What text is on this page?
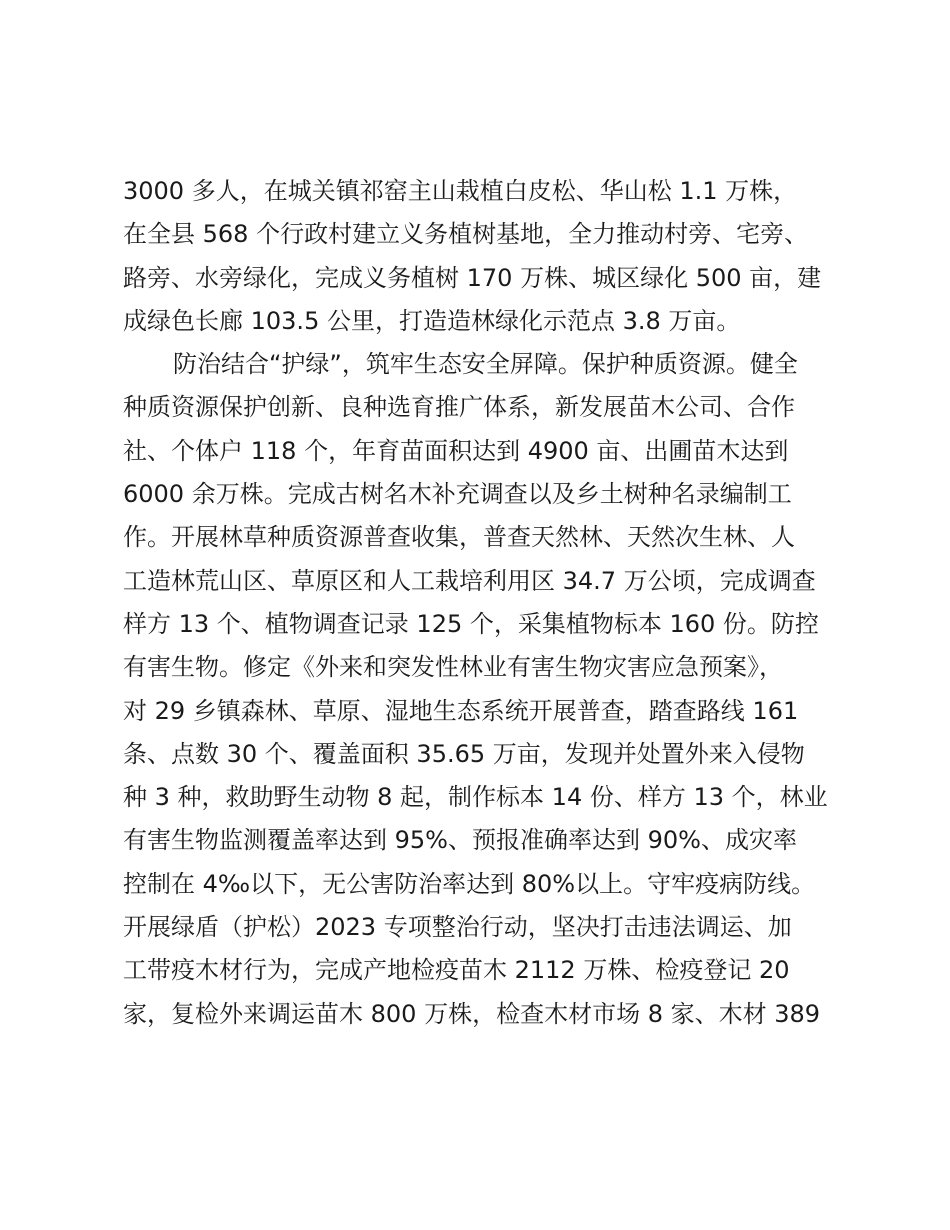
3000 多人，在城关镇祁窑主山栽植白皮松、华山松 1.1 万株，
在全县 568 个行政村建立义务植树基地，全力推动村旁、宅旁、
路旁、水旁绿化，完成义务植树 170 万株、城区绿化 500 亩，建
成绿色长廊 103.5 公里，打造造林绿化示范点 3.8 万亩。
防治结合“护绿”，筑牢生态安全屏障。保护种质资源。健全
种质资源保护创新、良种选育推广体系，新发展苗木公司、合作
社、个体户 118 个，年育苗面积达到 4900 亩、出圃苗木达到
6000 余万株。完成古树名木补充调查以及乡土树种名录编制工
作。开展林草种质资源普查收集，普查天然林、天然次生林、人
工造林荒山区、草原区和人工栽培利用区 34.7 万公顷，完成调查
样方 13 个、植物调查记录 125 个，采集植物标本 160 份。防控
有害生物。修定《外来和突发性林业有害生物灾害应急预案》，
对 29 乡镇森林、草原、湿地生态系统开展普查，踏查路线 161
条、点数 30 个、覆盖面积 35.65 万亩，发现并处置外来入侵物
种 3 种，救助野生动物 8 起，制作标本 14 份、样方 13 个，林业
有害生物监测覆盖率达到 95%、预报准确率达到 90%、成灾率
控制在 4‰以下，无公害防治率达到 80%以上。守牢疫病防线。
开展绿盾（护松）2023 专项整治行动，坚决打击违法调运、加
工带疫木材行为，完成产地检疫苗木 2112 万株、检疫登记 20
家，复检外来调运苗木 800 万株，检查木材市场 8 家、木材 389
